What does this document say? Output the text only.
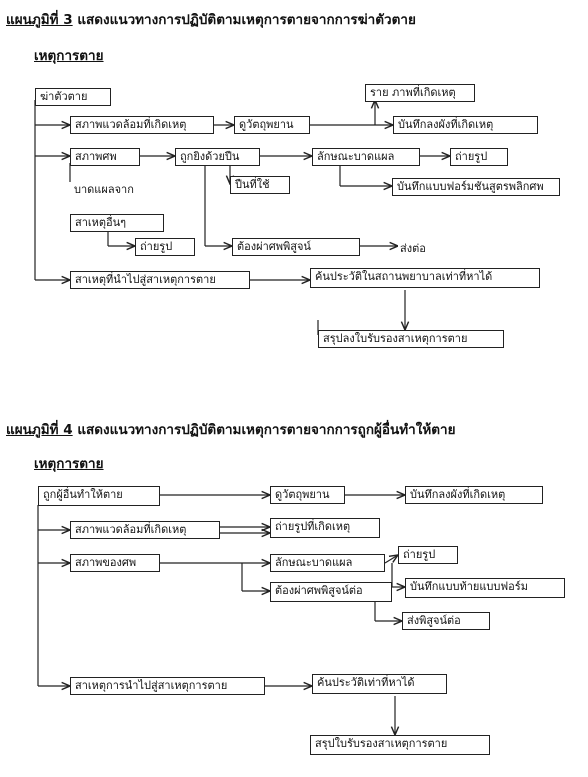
แผนภูมิที่ 3 แสดงแนวทางการปฏิบัติตามเหตุการตายจากการฆ่าตัวตาย
เหตุการตาย
แผนภูมิที่ 4 แสดงแนวทางการปฏิบัติตามเหตุการตายจากการถูกผู้อื่นทำให้ตาย
เหตุการตาย
ฆ่าตัวตาย
สภาพแวดล้อมที่เกิดเหตุ	ดูวัตถุพยาน
ราย ภาพที่เกิดเหตุ
บันทึกลงผังที่เกิดเหตุ
สภาพศพ	ถูกยิงด้วยปืน	ลักษณะบาดแผล	ถ่ายรูป
ปืนที่ใช้	บันทึกแบบฟอร์มชันสูตรพลิกศพ
บาดแผลจาก
สาเหตุอื่นๆ
ถ่ายรูป	ต้องผ่าศพพิสูจน์	ส่งต่อ
สาเหตุที่นำไปสู่สาเหตุการตาย	ค้นประวัติในสถานพยาบาลเท่าที่หาได้
สรุปลงใบรับรองสาเหตุการตาย
ถูกผู้อื่นทำให้ตาย	ดูวัตถุพยาน	บันทึกลงผังที่เกิดเหตุ
สภาพแวดล้อมที่เกิดเหตุ	ถ่ายรูปที่เกิดเหตุ
สภาพของศพ	ลักษณะบาดแผล
ถ่ายรูป
ต้องผ่าศพพิสูจน์ต่อ	บันทึกแบบท้ายแบบฟอร์ม
ส่งพิสูจน์ต่อ
สาเหตุการนำไปสู่สาเหตุการตาย	ค้นประวัติเท่าที่หาได้
สรุปใบรับรองสาเหตุการตาย
